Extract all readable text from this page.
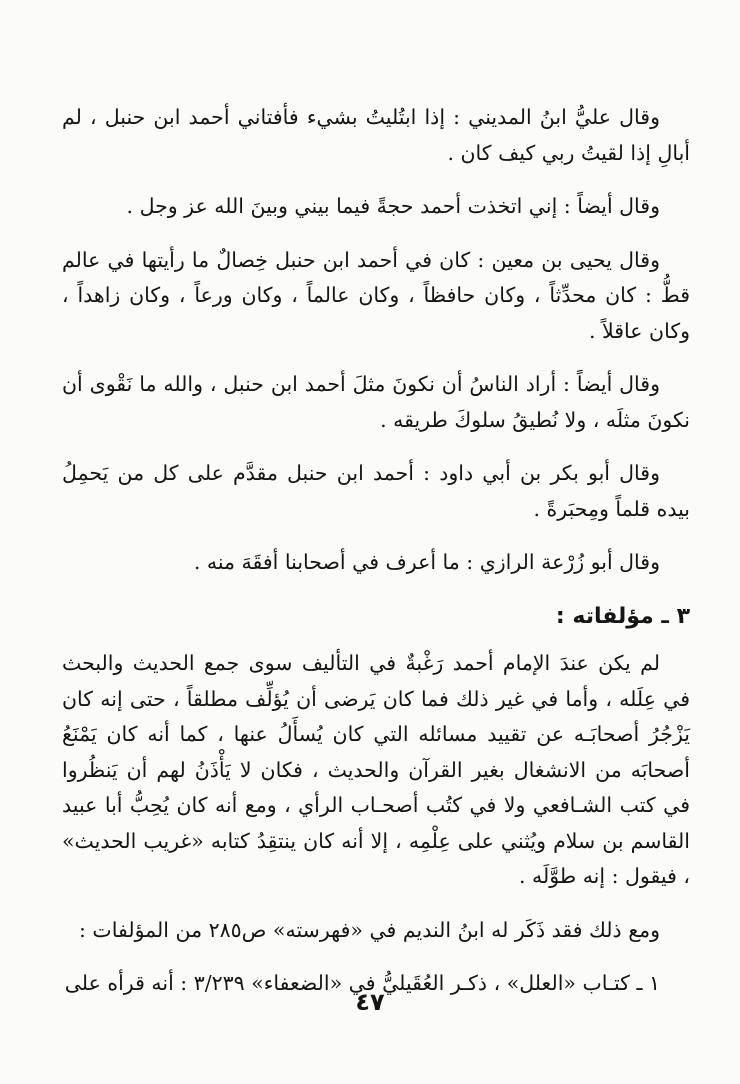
وقال عليُّ ابنُ المديني : إذا ابتُليتُ بشيء فأفتاني أحمد ابن حنبل ، لم أبالِ إذا لقيتُ ربي كيف كان .

وقال أيضاً : إني اتخذت أحمد حجةً فيما بيني وبينَ الله عز وجل .

وقال يحيى بن معين : كان في أحمد ابن حنبل خِصالٌ ما رأيتها في عالم قطُّ : كان محدِّثاً ، وكان حافظاً ، وكان عالماً ، وكان ورعاً ، وكان زاهداً ، وكان عاقلاً .

وقال أيضاً : أراد الناسُ أن نكونَ مثلَ أحمد ابن حنبل ، والله ما نَقْوى أن نكونَ مثلَه ، ولا نُطيقُ سلوكَ طريقه .

وقال أبو بكر بن أبي داود : أحمد ابن حنبل مقدَّم على كل من يَحمِلُ بيده قلماً ومِحبَرةً .

وقال أبو زُرْعة الرازي : ما أعرف في أصحابنا أفقَهَ منه .

٣ ـ مؤلفاته :

لم يكن عندَ الإمام أحمد رَغْبةٌ في التأليف سوى جمع الحديث والبحث في عِلَله ، وأما في غير ذلك فما كان يَرضى أن يُؤلِّف مطلقاً ، حتى إنه كان يَزْجُرُ أصحابَـه عن تقييد مسائله التي كان يُسأَلُ عنها ، كما أنه كان يَمْنَعُ أصحابَه من الانشغال بغير القرآن والحديث ، فكان لا يَأْذَنُ لهم أن يَنظُروا في كتب الشـافعي ولا في كتُب أصحـاب الرأي ، ومع أنه كان يُحِبُّ أبا عبيد القاسم بن سلام ويُثني على عِلْمِه ، إلا أنه كان ينتقِدُ كتابه «غريب الحديث» ، فيقول : إنه طوَّلَه .

ومع ذلك فقد ذَكَر له ابنُ النديم في «فهرسته» ص٢٨٥ من المؤلفات :

١ ـ كتـاب «العلل» ، ذكـر العُقَيليُّ في «الضعفاء» ٣/٢٣٩ : أنه قرأه على

٤٧
